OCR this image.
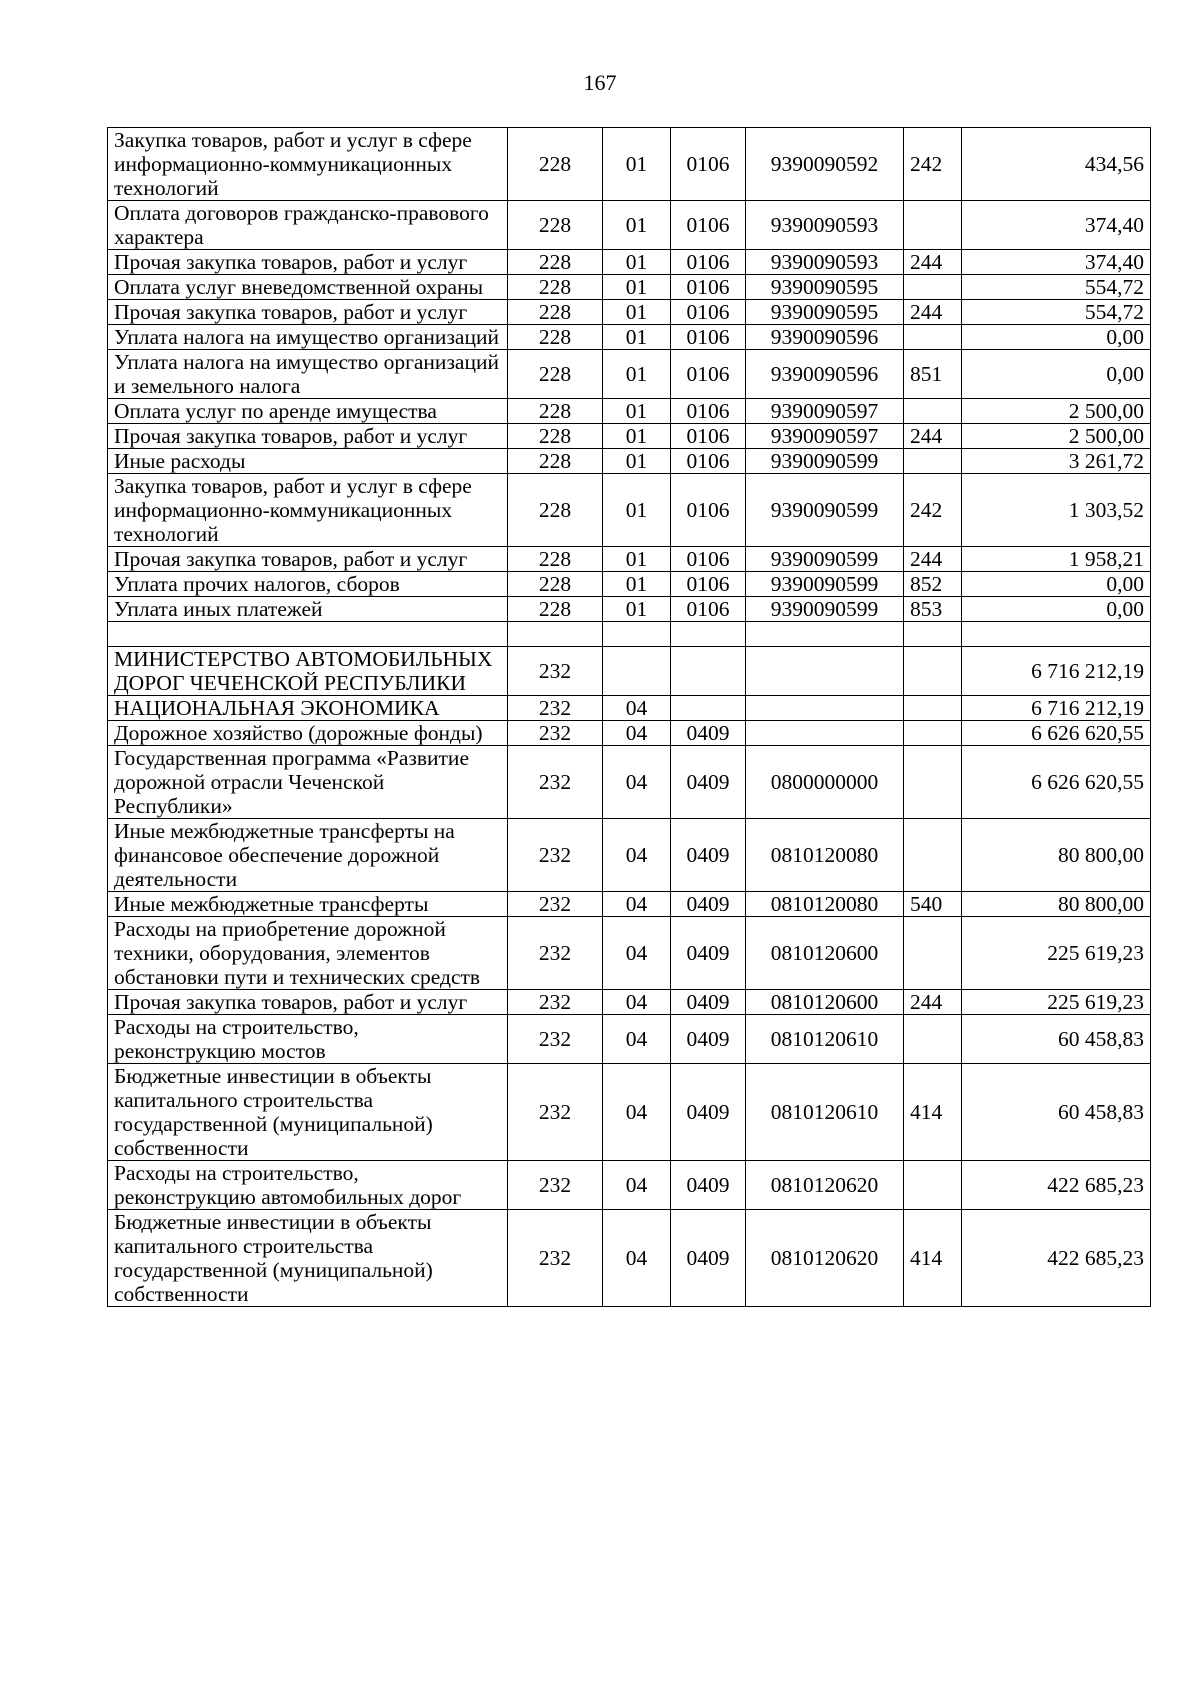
167
Закупка товаров, работ и услуг в сфере информационно-коммуникационных технологий	228	01	0106	9390090592	242	434,56
Оплата договоров гражданско-правового характера	228	01	0106	9390090593		374,40
Прочая закупка товаров, работ и услуг	228	01	0106	9390090593	244	374,40
Оплата услуг вневедомственной охраны	228	01	0106	9390090595		554,72
Прочая закупка товаров, работ и услуг	228	01	0106	9390090595	244	554,72
Уплата налога на имущество организаций	228	01	0106	9390090596		0,00
Уплата налога на имущество организаций и земельного налога	228	01	0106	9390090596	851	0,00
Оплата услуг по аренде имущества	228	01	0106	9390090597		2 500,00
Прочая закупка товаров, работ и услуг	228	01	0106	9390090597	244	2 500,00
Иные расходы	228	01	0106	9390090599		3 261,72
Закупка товаров, работ и услуг в сфере информационно-коммуникационных технологий	228	01	0106	9390090599	242	1 303,52
Прочая закупка товаров, работ и услуг	228	01	0106	9390090599	244	1 958,21
Уплата прочих налогов, сборов	228	01	0106	9390090599	852	0,00
Уплата иных платежей	228	01	0106	9390090599	853	0,00

МИНИСТЕРСТВО АВТОМОБИЛЬНЫХ ДОРОГ ЧЕЧЕНСКОЙ РЕСПУБЛИКИ	232					6 716 212,19
НАЦИОНАЛЬНАЯ ЭКОНОМИКА	232	04				6 716 212,19
Дорожное хозяйство (дорожные фонды)	232	04	0409			6 626 620,55
Государственная программа «Развитие дорожной отрасли Чеченской Республики»	232	04	0409	0800000000		6 626 620,55
Иные межбюджетные трансферты на финансовое обеспечение дорожной деятельности	232	04	0409	0810120080		80 800,00
Иные межбюджетные трансферты	232	04	0409	0810120080	540	80 800,00
Расходы на приобретение дорожной техники, оборудования, элементов обстановки пути и технических средств	232	04	0409	0810120600		225 619,23
Прочая закупка товаров, работ и услуг	232	04	0409	0810120600	244	225 619,23
Расходы на строительство, реконструкцию мостов	232	04	0409	0810120610		60 458,83
Бюджетные инвестиции в объекты капитального строительства государственной (муниципальной) собственности	232	04	0409	0810120610	414	60 458,83
Расходы на строительство, реконструкцию автомобильных дорог	232	04	0409	0810120620		422 685,23
Бюджетные инвестиции в объекты капитального строительства государственной (муниципальной) собственности	232	04	0409	0810120620	414	422 685,23
